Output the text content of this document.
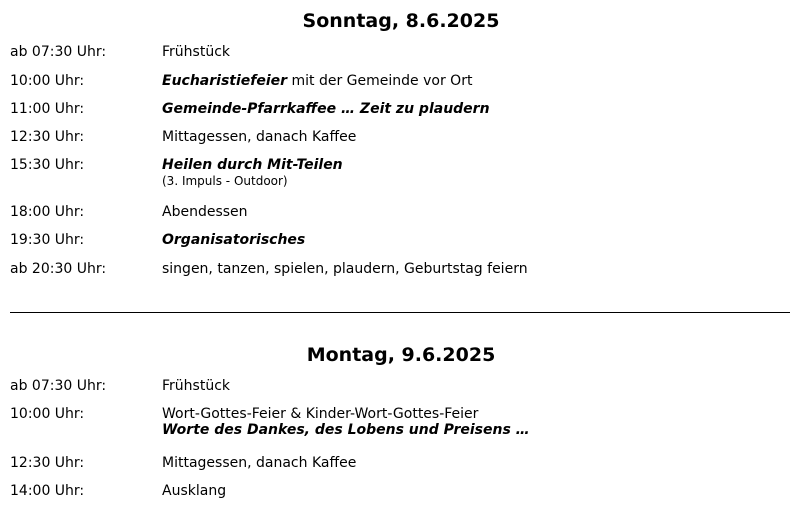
Sonntag, 8.6.2025
ab 07:30 Uhr:	Frühstück
10:00 Uhr:	Eucharistiefeier mit der Gemeinde vor Ort
11:00 Uhr:	Gemeinde-Pfarrkaffee … Zeit zu plaudern
12:30 Uhr:	Mittagessen, danach Kaffee
15:30 Uhr:	Heilen durch Mit-Teilen
(3. Impuls - Outdoor)
18:00 Uhr:	Abendessen
19:30 Uhr:	Organisatorisches
ab 20:30 Uhr:	singen, tanzen, spielen, plaudern, Geburtstag feiern
Montag, 9.6.2025
ab 07:30 Uhr:	Frühstück
10:00 Uhr:	Wort-Gottes-Feier & Kinder-Wort-Gottes-Feier
Worte des Dankes, des Lobens und Preisens …
12:30 Uhr:	Mittagessen, danach Kaffee
14:00 Uhr:	Ausklang
